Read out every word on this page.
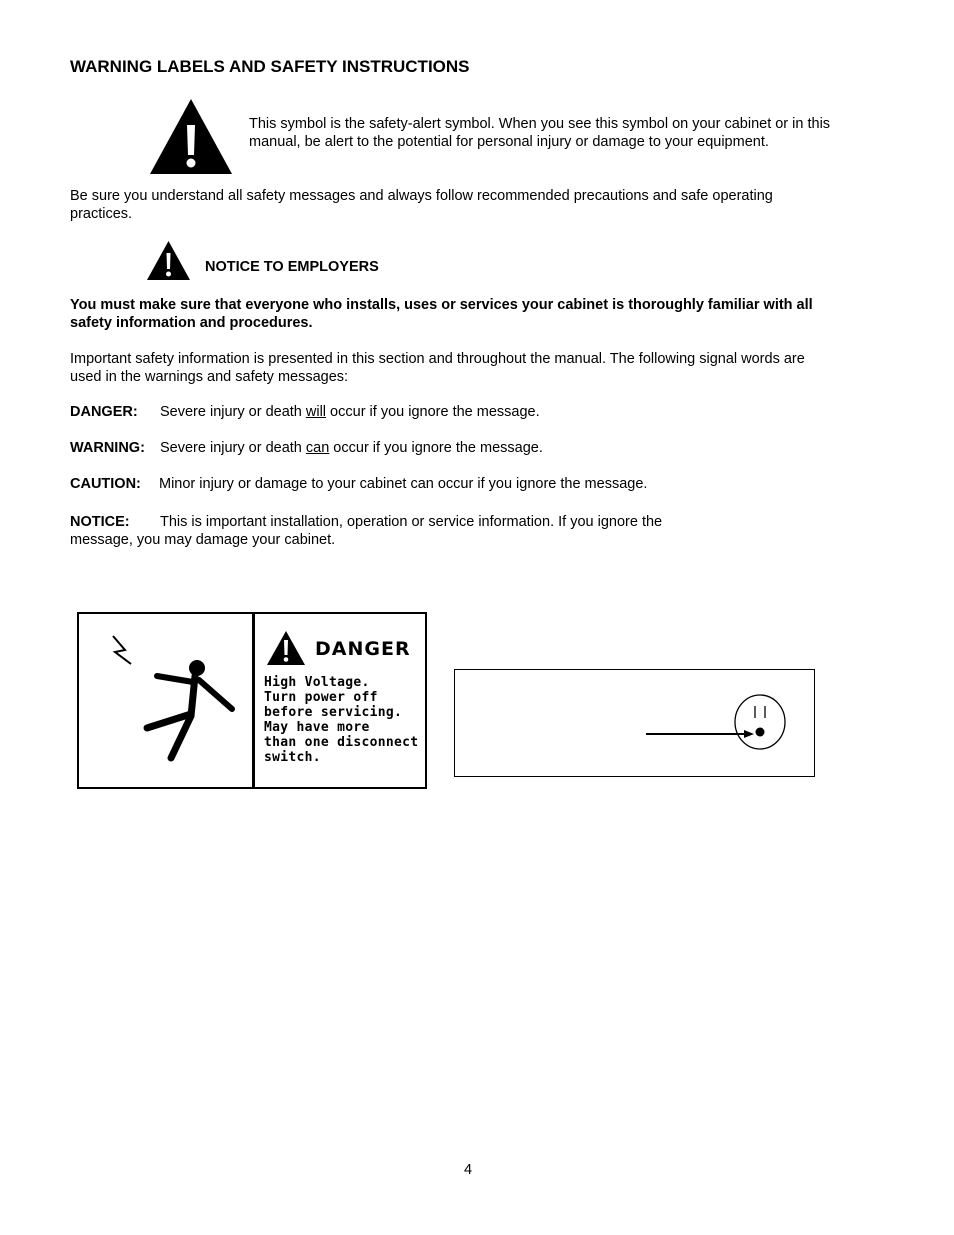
WARNING LABELS AND SAFETY INSTRUCTIONS
This symbol is the safety-alert symbol. When you see this symbol on your cabinet or in this
manual, be alert to the potential for personal injury or damage to your equipment.
Be sure you understand all safety messages and always follow recommended precautions and safe operating
practices.
NOTICE TO EMPLOYERS
You must make sure that everyone who installs, uses or services your cabinet is thoroughly familiar with all
safety information and procedures.
Important safety information is presented in this section and throughout the manual. The following signal words are
used in the warnings and safety messages:
DANGER: Severe injury or death will occur if you ignore the message.
WARNING: Severe injury or death can occur if you ignore the message.
CAUTION: Minor injury or damage to your cabinet can occur if you ignore the message.
NOTICE: This is important installation, operation or service information. If you ignore the
message, you may damage your cabinet.
DANGER
High Voltage.
Turn power off
before servicing.
May have more
than one disconnect
switch.
4
